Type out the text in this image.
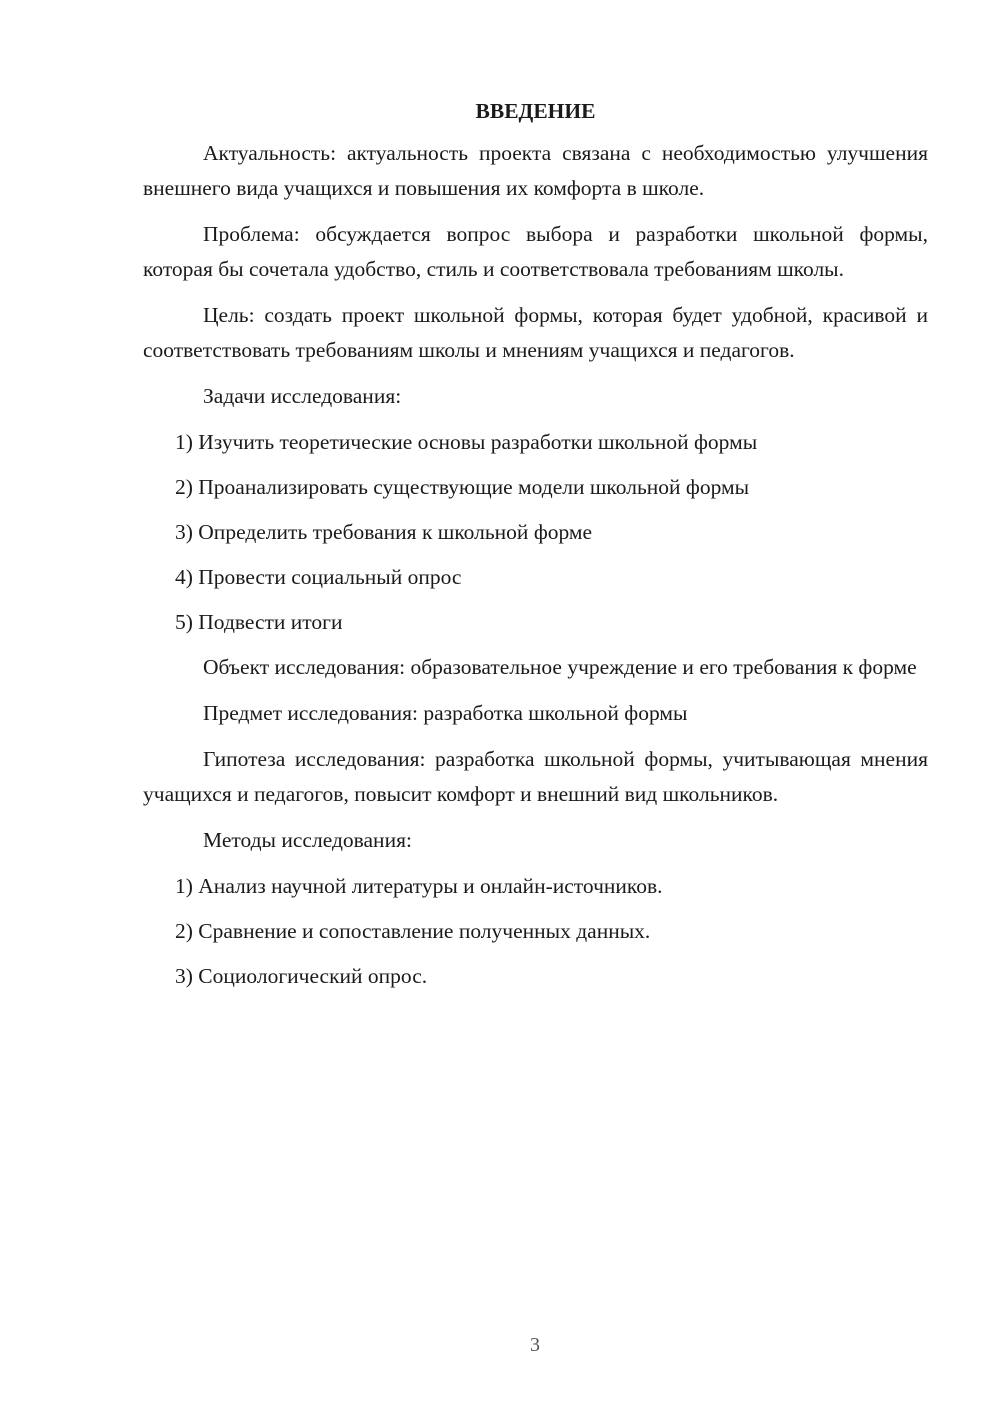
ВВЕДЕНИЕ

Актуальность: актуальность проекта связана с необходимостью улучшения внешнего вида учащихся и повышения их комфорта в школе.

Проблема: обсуждается вопрос выбора и разработки школьной формы, которая бы сочетала удобство, стиль и соответствовала требованиям школы.

Цель: создать проект школьной формы, которая будет удобной, красивой и соответствовать требованиям школы и мнениям учащихся и педагогов.

Задачи исследования:

1) Изучить теоретические основы разработки школьной формы
2) Проанализировать существующие модели школьной формы
3) Определить требования к школьной форме
4) Провести социальный опрос
5) Подвести итоги

Объект исследования: образовательное учреждение и его требования к форме

Предмет исследования: разработка школьной формы

Гипотеза исследования: разработка школьной формы, учитывающая мнения учащихся и педагогов, повысит комфорт и внешний вид школьников.

Методы исследования:

1) Анализ научной литературы и онлайн-источников.
2) Сравнение и сопоставление полученных данных.
3) Социологический опрос.
3
